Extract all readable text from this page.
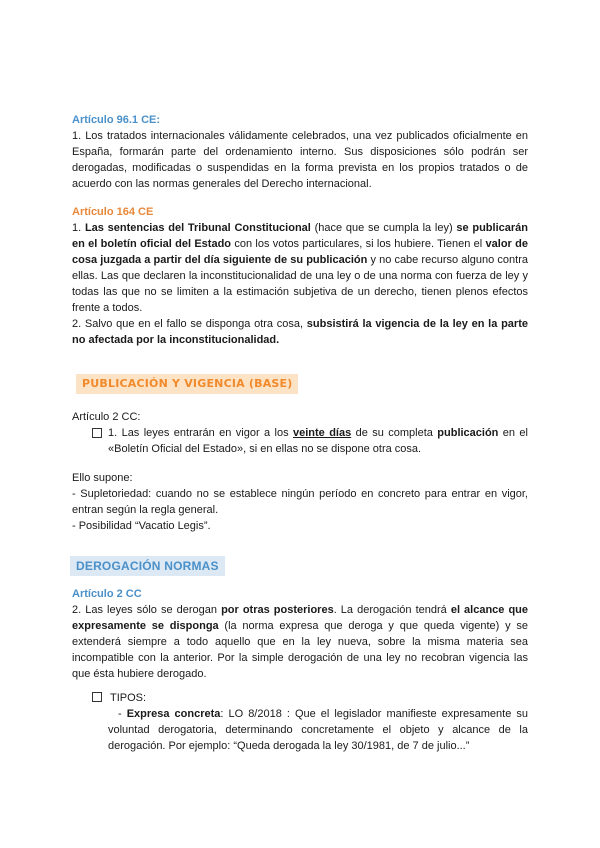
Artículo 96.1 CE:

1. Los tratados internacionales válidamente celebrados, una vez publicados oficialmente en España, formarán parte del ordenamiento interno. Sus disposiciones sólo podrán ser derogadas, modificadas o suspendidas en la forma prevista en los propios tratados o de acuerdo con las normas generales del Derecho internacional.

Artículo 164 CE

1. Las sentencias del Tribunal Constitucional (hace que se cumpla la ley) se publicarán en el boletín oficial del Estado con los votos particulares, si los hubiere. Tienen el valor de cosa juzgada a partir del día siguiente de su publicación y no cabe recurso alguno contra ellas. Las que declaren la inconstitucionalidad de una ley o de una norma con fuerza de ley y todas las que no se limiten a la estimación subjetiva de un derecho, tienen plenos efectos frente a todos.

2. Salvo que en el fallo se disponga otra cosa, subsistirá la vigencia de la ley en la parte no afectada por la inconstitucionalidad.

PUBLICACIÓN Y VIGENCIA (BASE)

Artículo 2 CC:

1. Las leyes entrarán en vigor a los veinte días de su completa publicación en el «Boletín Oficial del Estado», si en ellas no se dispone otra cosa.

Ello supone:

- Supletoriedad: cuando no se establece ningún período en concreto para entrar en vigor, entran según la regla general.

- Posibilidad “Vacatio Legis”.

DEROGACIÓN NORMAS
Artículo 2 CC

2. Las leyes sólo se derogan por otras posteriores. La derogación tendrá el alcance que expresamente se disponga (la norma expresa que deroga y que queda vigente) y se extenderá siempre a todo aquello que en la ley nueva, sobre la misma materia sea incompatible con la anterior. Por la simple derogación de una ley no recobran vigencia las que ésta hubiere derogado.

TIPOS:

- Expresa concreta: LO 8/2018 : Que el legislador manifieste expresamente su voluntad derogatoria, determinando concretamente el objeto y alcance de la derogación. Por ejemplo: “Queda derogada la ley 30/1981, de 7 de julio...”
